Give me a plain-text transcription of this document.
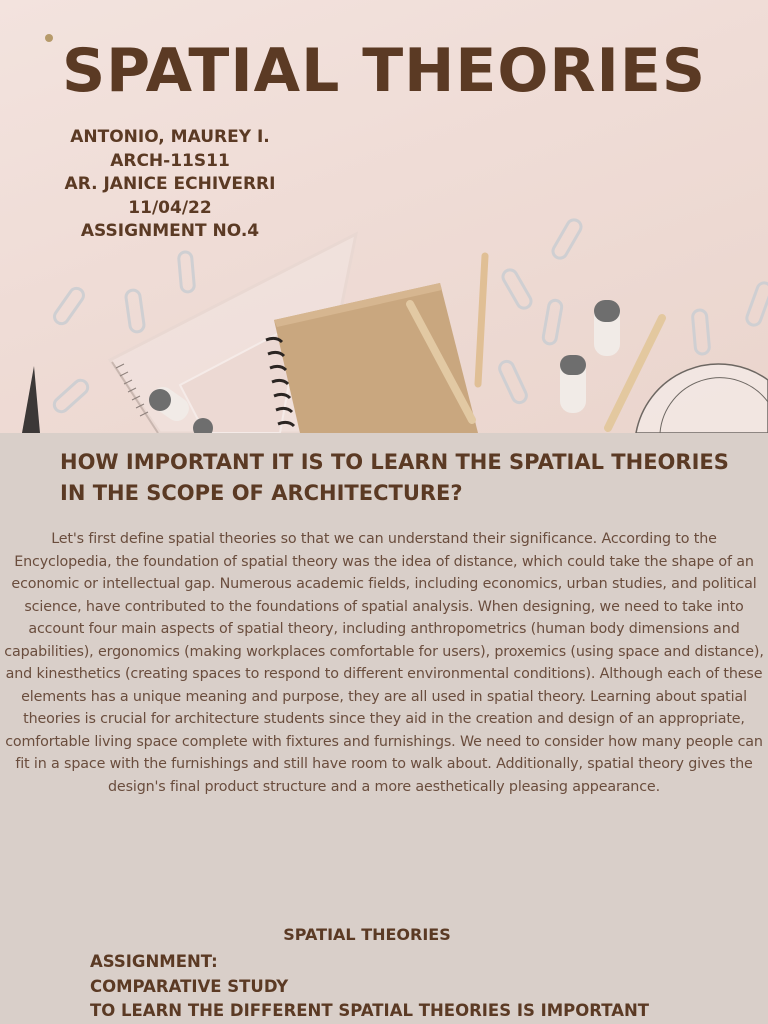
SPATIAL THEORIES
ANTONIO, MAUREY I.
ARCH-11S11
AR. JANICE ECHIVERRI
11/04/22
ASSIGNMENT NO.4
HOW IMPORTANT IT IS TO LEARN THE SPATIAL THEORIES IN THE SCOPE OF ARCHITECTURE?

Let's first define spatial theories so that we can understand their significance. According to the Encyclopedia, the foundation of spatial theory was the idea of distance, which could take the shape of an economic or intellectual gap. Numerous academic fields, including economics, urban studies, and political science, have contributed to the foundations of spatial analysis. When designing, we need to take into account four main aspects of spatial theory, including anthropometrics (human body dimensions and capabilities), ergonomics (making workplaces comfortable for users), proxemics (using space and distance), and kinesthetics (creating spaces to respond to different environmental conditions). Although each of these elements has a unique meaning and purpose, they are all used in spatial theory. Learning about spatial theories is crucial for architecture students since they aid in the creation and design of an appropriate, comfortable living space complete with fixtures and furnishings. We need to consider how many people can fit in a space with the furnishings and still have room to walk about. Additionally, spatial theory gives the design's final product structure and a more aesthetically pleasing appearance.

SPATIAL THEORIES
ASSIGNMENT:
COMPARATIVE STUDY
TO LEARN THE DIFFERENT SPATIAL THEORIES IS IMPORTANT
